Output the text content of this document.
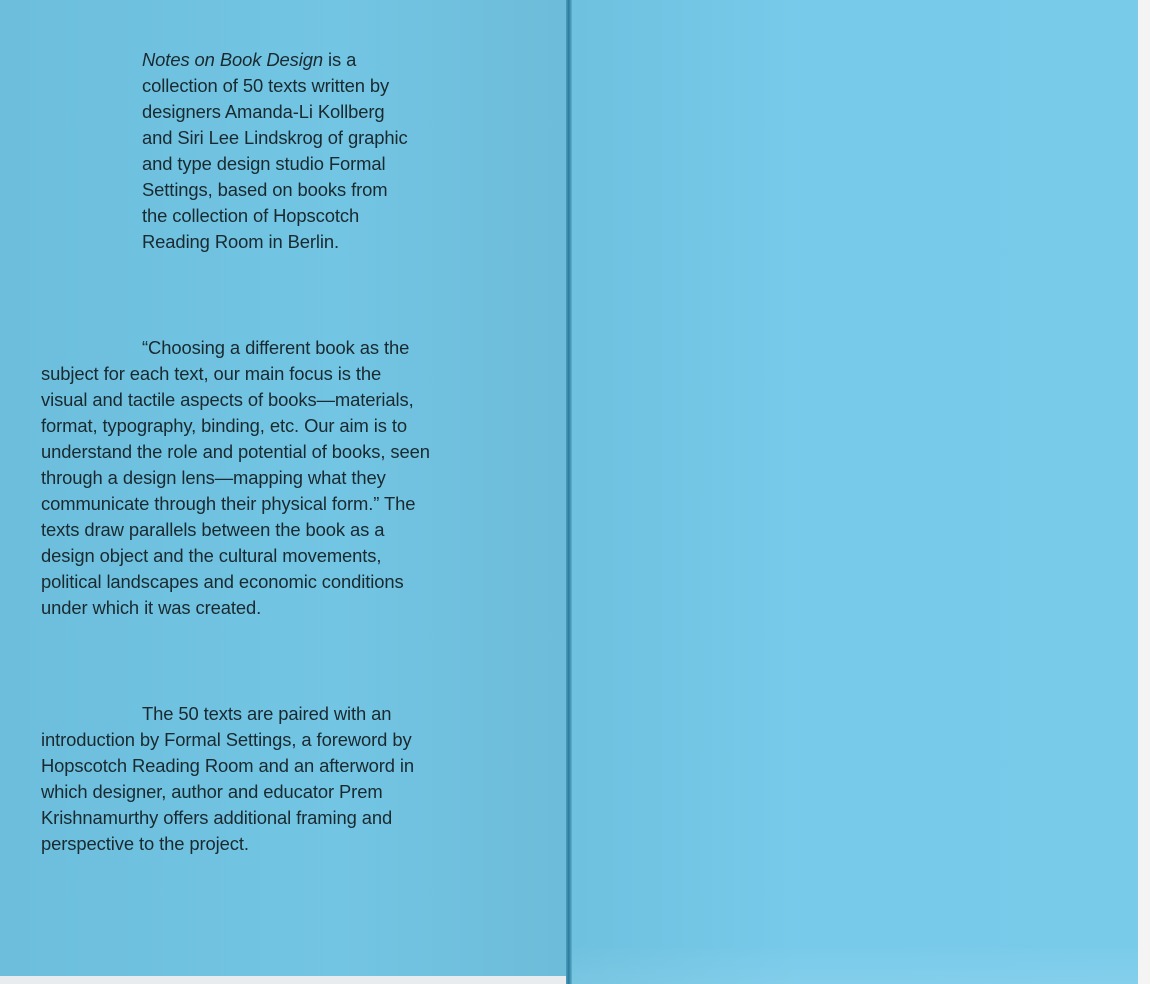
Notes on Book Design is a collection of 50 texts written by designers Amanda-Li Kollberg and Siri Lee Lindskrog of graphic and type design studio Formal Settings, based on books from the collection of Hopscotch Reading Room in Berlin.

“Choosing a different book as the subject for each text, our main focus is the visual and tactile aspects of books—materials, format, typography, binding, etc. Our aim is to understand the role and potential of books, seen through a design lens—mapping what they communicate through their physical form.” The texts draw parallels between the book as a design object and the cultural movements, political landscapes and economic conditions under which it was created.

The 50 texts are paired with an introduction by Formal Settings, a foreword by Hopscotch Reading Room and an afterword in which designer, author and educator Prem Krishnamurthy offers additional framing and perspective to the project.
